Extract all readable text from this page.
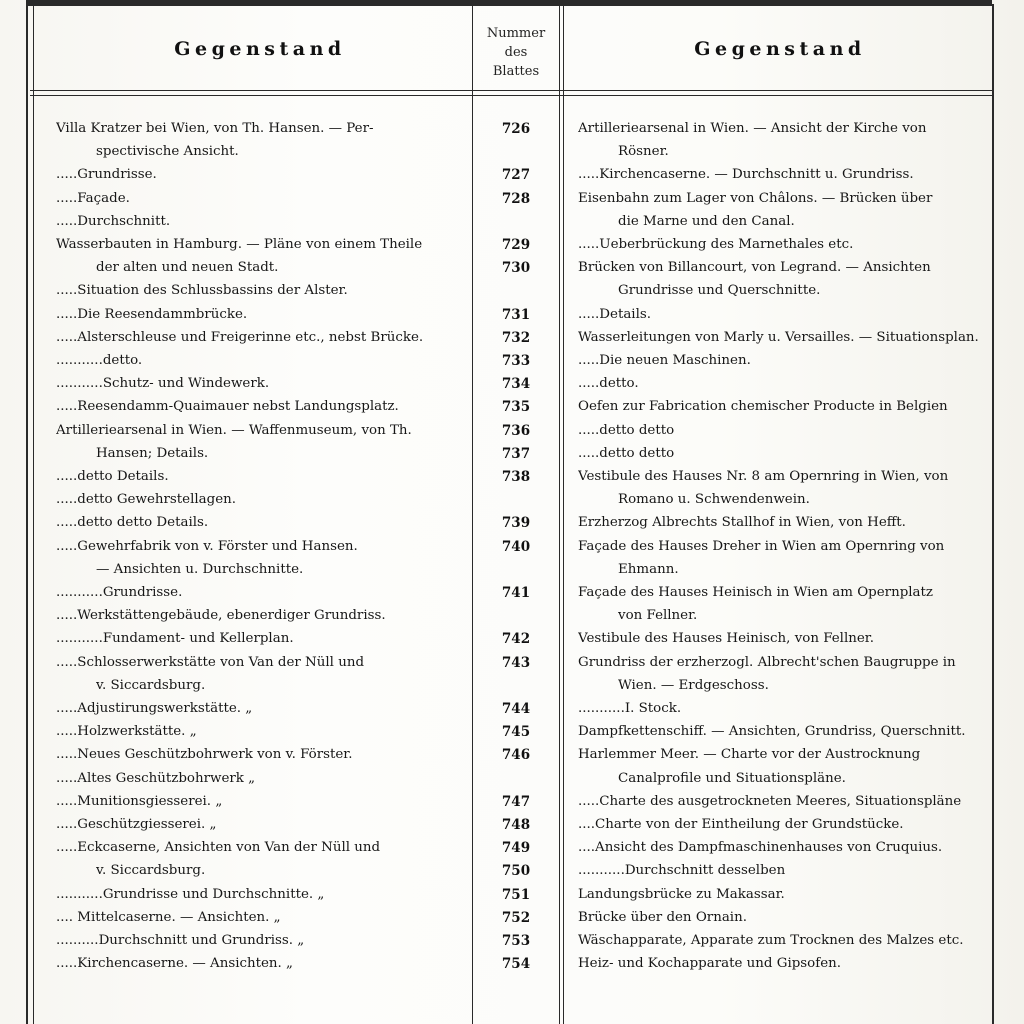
Gegenstand
Nummer
des
Blattes
Gegenstand
Villa Kratzer bei Wien, von Th. Hansen. — Per-	726	Artilleriearsenal in Wien. — Ansicht der Kirche von
spectivische Ansicht.	Rösner.
.....Grundrisse.	727	.....Kirchencaserne. — Durchschnitt u. Grundriss.
.....Façade.	728	Eisenbahn zum Lager von Châlons. — Brücken über
.....Durchschnitt.	die Marne und den Canal.
Wasserbauten in Hamburg. — Pläne von einem Theile	729	.....Ueberbrückung des Marnethales etc.
der alten und neuen Stadt.	730	Brücken von Billancourt, von Legrand. — Ansichten
.....Situation des Schlussbassins der Alster.	Grundrisse und Querschnitte.
.....Die Reesendammbrücke.	731	.....Details.
.....Alsterschleuse und Freigerinne etc., nebst Brücke.	732	Wasserleitungen von Marly u. Versailles. — Situationsplan.
...........detto.	733	.....Die neuen Maschinen.
...........Schutz- und Windewerk.	734	.....detto.
.....Reesendamm-Quaimauer nebst Landungsplatz.	735	Oefen zur Fabrication chemischer Producte in Belgien
Artilleriearsenal in Wien. — Waffenmuseum, von Th.	736	.....detto detto
Hansen; Details.	737	.....detto detto
.....detto Details.	738	Vestibule des Hauses Nr. 8 am Opernring in Wien, von
.....detto Gewehrstellagen.	Romano u. Schwendenwein.
.....detto detto Details.	739	Erzherzog Albrechts Stallhof in Wien, von Hefft.
.....Gewehrfabrik von v. Förster und Hansen.	740	Façade des Hauses Dreher in Wien am Opernring von
— Ansichten u. Durchschnitte.	Ehmann.
...........Grundrisse.	741	Façade des Hauses Heinisch in Wien am Opernplatz
.....Werkstättengebäude, ebenerdiger Grundriss.	von Fellner.
...........Fundament- und Kellerplan.	742	Vestibule des Hauses Heinisch, von Fellner.
.....Schlosserwerkstätte von Van der Nüll und	743	Grundriss der erzherzogl. Albrecht'schen Baugruppe in
v. Siccardsburg.	Wien. — Erdgeschoss.
.....Adjustirungswerkstätte. „	744	...........I. Stock.
.....Holzwerkstätte. „	745	Dampfkettenschiff. — Ansichten, Grundriss, Querschnitt.
.....Neues Geschützbohrwerk von v. Förster.	746	Harlemmer Meer. — Charte vor der Austrocknung
.....Altes Geschützbohrwerk „	Canalprofile und Situationspläne.
.....Munitionsgiesserei. „	747	.....Charte des ausgetrockneten Meeres, Situationspläne
.....Geschützgiesserei. „	748	....Charte von der Eintheilung der Grundstücke.
.....Eckcaserne, Ansichten von Van der Nüll und	749	....Ansicht des Dampfmaschinenhauses von Cruquius.
v. Siccardsburg.	750	...........Durchschnitt desselben
...........Grundrisse und Durchschnitte. „	751	Landungsbrücke zu Makassar.
.... Mittelcaserne. — Ansichten. „	752	Brücke über den Ornain.
..........Durchschnitt und Grundriss. „	753	Wäschapparate, Apparate zum Trocknen des Malzes etc.
.....Kirchencaserne. — Ansichten. „	754	Heiz- und Kochapparate und Gipsofen.
